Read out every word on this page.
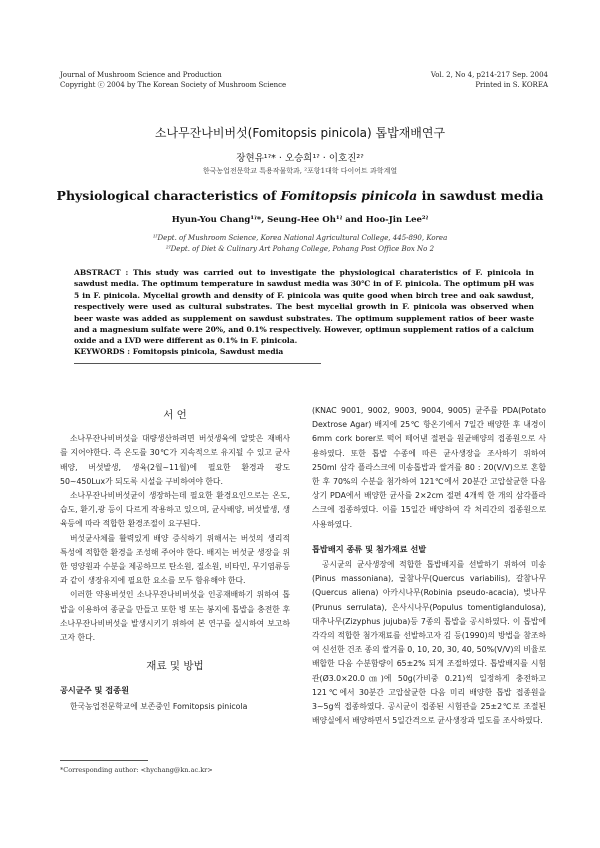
Journal of Mushroom Science and Production
Copyright ⓒ 2004 by The Korean Society of Mushroom Science
Vol. 2, No 4, p214-217 Sep. 2004
Printed in S. KOREA
소나무잔나비버섯(Fomitopsis pinicola) 톱밥재배연구
장현유¹ˀ* · 오승희¹ˀ · 이호진²ˀ
한국농업전문학교 특용작물학과, ²포항1대학 다이어트 과학계열
Physiological characteristics of Fomitopsis pinicola in sawdust media
Hyun-You Chang¹ˀ*, Seung-Hee Oh¹ˀ and Hoo-Jin Lee²ˀ
¹ˀDept. of Mushroom Science, Korea National Agricultural College, 445-890, Korea
²ˀDept. of Diet & Culinary Art Pohang College, Pohang Post Office Box No 2
ABSTRACT : This study was carried out to investigate the physiological charateristics of F. pinicola in sawdust media. The optimum temperature in sawdust media was 30℃ in of F. pinicola. The optimum pH was 5 in F. pinicola. Mycelial growth and density of F. pinicola was quite good when birch tree and oak sawdust, respectively were used as cultural substrates. The best mycelial growth in F. pinicola was observed when beer waste was added as supplement on sawdust substrates. The optimum supplement ratios of beer waste and a magnesium sulfate were 20%, and 0.1% respectively. However, optimun supplement ratios of a calcium oxide and a LVD were different as 0.1% in F. pinicola.
KEYWORDS : Fomitopsis pinicola, Sawdust media
서 언

소나무잔나비버섯을 대량생산하려면 버섯생육에 알맞은 재배사를 지어야한다. 즉 온도를 30℃가 지속적으로 유지될 수 있고 균사배양, 버섯발생, 생육(2월~11월)에 필요한 환경과 광도 50~450Lux가 되도록 시설을 구비하여야 한다.

소나무잔나비버섯균이 생장하는데 필요한 환경요인으로는 온도, 습도, 환기,광 등이 다르게 작용하고 있으며, 균사배양, 버섯발생, 생육등에 따라 적합한 환경조절이 요구된다.

버섯균사체를 활력있게 배양 증식하기 위해서는 버섯의 생리적 특성에 적합한 환경을 조성해 주어야 한다. 배지는 버섯균 생장을 위한 영양원과 수분을 제공하므로 탄소원, 질소원, 비타민, 무기염류등과 같이 생장유지에 필요한 요소를 모두 함유해야 한다.

이러한 약용버섯인 소나무잔나비버섯을 인공재배하기 위하여 톱밥을 이용하여 종균을 만들고 또한 병 또는 봉지에 톱밥을 충전한 후 소나무잔나비버섯을 발생시키기 위하여 본 연구를 실시하여 보고하고자 한다.

재료 및 방법
공시균주 및 접종원

한국농업전문학교에 보존중인 Fomitopsis pinicola

(KNAC 9001, 9002, 9003, 9004, 9005) 균주를 PDA(Potato Dextrose Agar) 배지에 25℃ 항온기에서 7일간 배양한 후 내경이 6mm cork borer로 떡어 떼어낸 절편을 원균배양의 접종원으로 사용하였다. 또한 톱밥 수종에 따른 균사생장을 조사하기 위하여 250ml 삼각 플라스크에 미송톱밥과 쌀겨를 80 : 20(V/V)으로 혼합한 후 70%의 수분을 첨가하여 121℃에서 20분간 고압살균한 다음 상기 PDA에서 배양한 균사를 2×2cm 절편 4개씩 한 개의 삼각플라스크에 접종하였다. 이를 15일간 배양하여 각 처리간의 접종원으로 사용하였다.

톱밥배지 종류 및 첨가재료 선발

공시균의 균사생장에 적합한 톱밥배지를 선발하기 위하여 미송(Pinus massoniana), 굴참나무(Quercus variabilis), 갈참나무(Quercus aliena) 아카시나무(Robinia pseudo-acacia), 벚나무(Prunus serrulata), 은사시나무(Populus tomentiglandulosa), 대추나무(Zizyphus jujuba)등 7종의 톱밥을 공시하였다. 이 톱밥에 각각의 적합한 첨가재료를 선발하고자 김 등(1990)의 방법을 참조하여 신선한 건조 종의 쌀겨를 0, 10, 20, 30, 40, 50%(V/V)의 비율로 배합한 다음 수분함량이 65±2% 되게 조절하였다. 톱밥배지를 시험관(Ø3.0×20.0㎝)에 50g(가비중 0.21)씩 일정하게 충전하고 121℃에서 30분간 고압살균한 다음 미리 배양한 톱밥 접종원을 3~5g씩 접종하였다. 공시균이 접종된 시험관을 25±2℃로 조절된 배양실에서 배양하면서 5일간격으로 균사생장과 밀도를 조사하였다.

*Corresponding author: <hychang@kn.ac.kr>
